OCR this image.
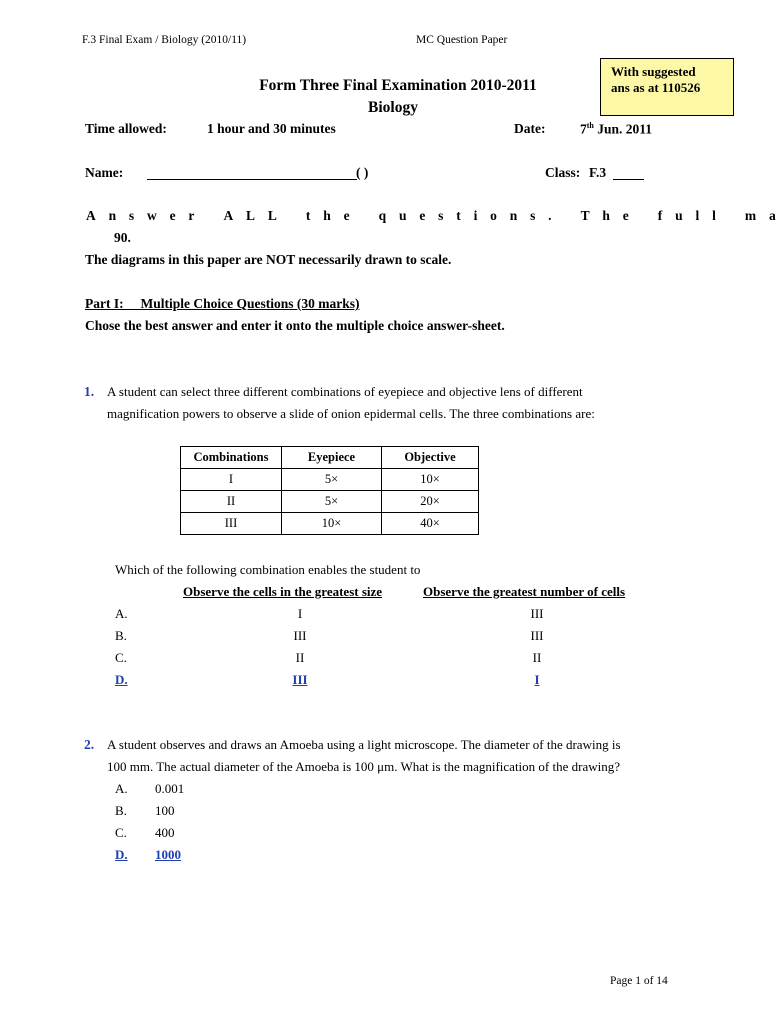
F.3 Final Exam / Biology (2010/11)	MC Question Paper
With suggested
ans as at 110526
Form Three Final Examination 2010-2011
Biology
Time allowed:	1 hour and 30 minutes	Date:	7th Jun. 2011
Name:	( )	Class: F.3
A n s w e r
A L L
t h e
q u e s t i o n s .
T h e
f u l l
m a
90.
The diagrams in this paper are NOT necessarily drawn to scale.
Part I:     Multiple Choice Questions (30 marks)
Chose the best answer and enter it onto the multiple choice answer-sheet.
1. A student can select three different combinations of eyepiece and objective lens of different
magnification powers to observe a slide of onion epidermal cells. The three combinations are:
Combinations	Eyepiece	Objective
I	5×	10×
II	5×	20×
III	10×	40×
Which of the following combination enables the student to
Observe the cells in the greatest size	Observe the greatest number of cells
A.	I	III
B.	III	III
C.	II	II
D.	III	I
2. A student observes and draws an Amoeba using a light microscope. The diameter of the drawing is
100 mm. The actual diameter of the Amoeba is 100 μm. What is the magnification of the drawing?
A. 0.001
B. 100
C. 400
D. 1000
Page 1 of 14
